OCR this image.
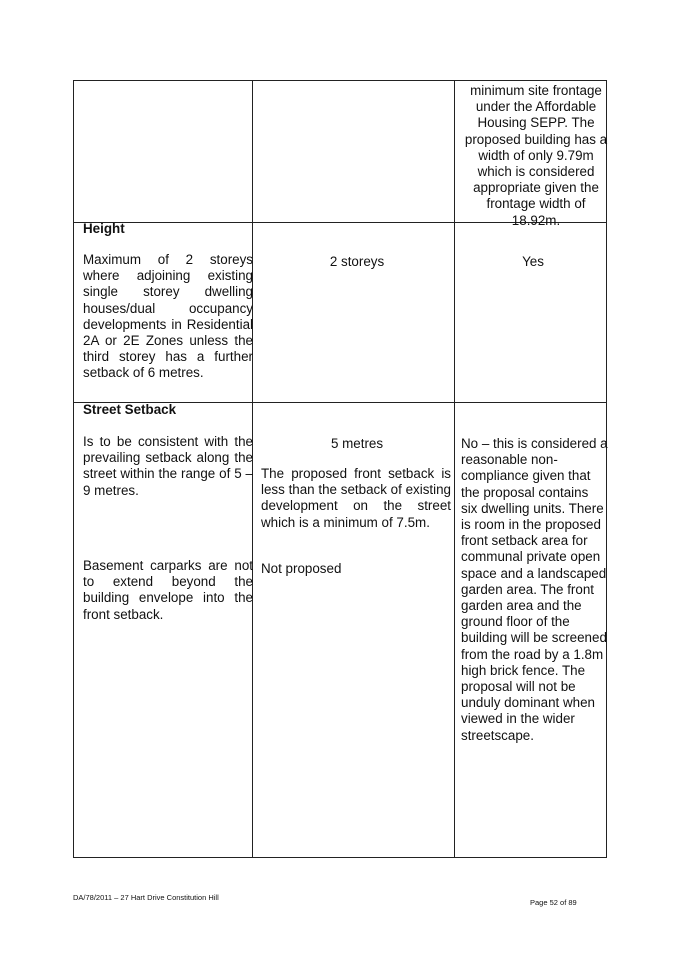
minimum site frontage under the Affordable Housing SEPP. The proposed building has a width of only 9.79m which is considered appropriate given the frontage width of 18.92m.
Height
Maximum of 2 storeys where adjoining existing single storey dwelling houses/dual occupancy developments in Residential 2A or 2E Zones unless the third storey has a further setback of 6 metres.
2 storeys	Yes
Street Setback
Is to be consistent with the prevailing setback along the street within the range of 5 – 9 metres.
Basement carparks are not to extend beyond the building envelope into the front setback.
5 metres
The proposed front setback is less than the setback of existing development on the street which is a minimum of 7.5m.
Not proposed
No – this is considered a reasonable non-compliance given that the proposal contains six dwelling units. There is room in the proposed front setback area for communal private open space and a landscaped garden area. The front garden area and the ground floor of the building will be screened from the road by a 1.8m high brick fence. The proposal will not be unduly dominant when viewed in the wider streetscape.
DA/78/2011 – 27 Hart Drive Constitution Hill
Page 52 of 89
